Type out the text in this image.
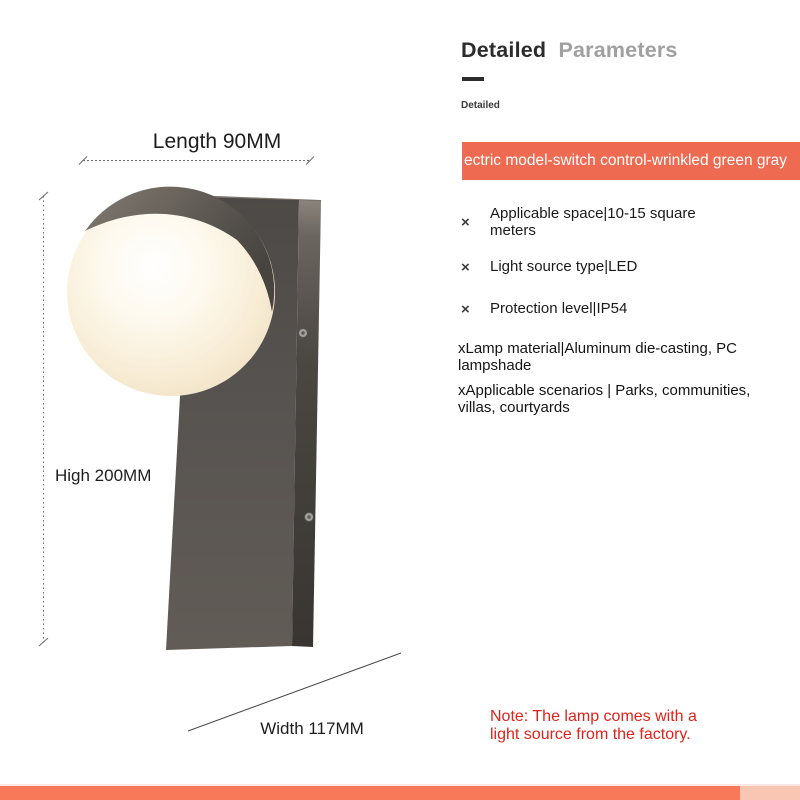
Length 90MM
High 200MM
Width 117MM
Detailed Parameters
Detailed
ectric model-switch control-wrinkled green gray
×
Applicable space|10-15 square meters
×	Light source type|LED
×	Protection level|IP54
xLamp material|Aluminum die-casting, PC lampshade
xApplicable scenarios | Parks, communities, villas, courtyards
Note: The lamp comes with a light source from the factory.
